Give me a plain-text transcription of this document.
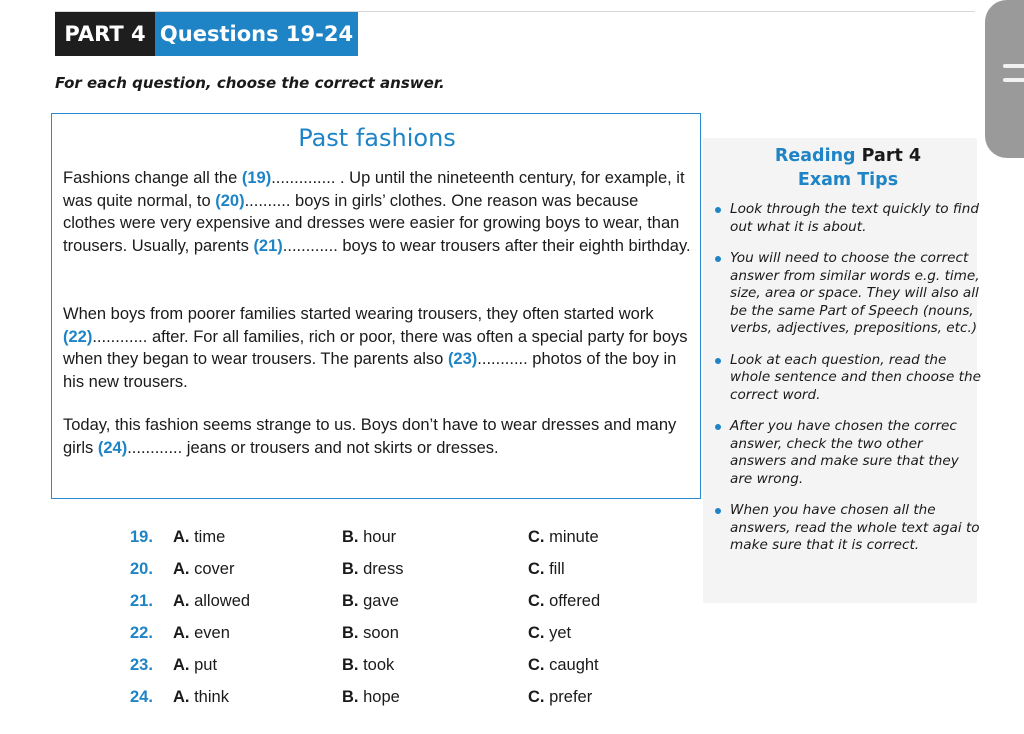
PART 4 Questions 19-24
For each question, choose the correct answer.
Past fashions

Fashions change all the (19).............. . Up until the nineteenth century, for example, it was quite normal, to (20).......... boys in girls’ clothes. One reason was because clothes were very expensive and dresses were easier for growing boys to wear, than trousers. Usually, parents (21)............ boys to wear trousers after their eighth birthday.

When boys from poorer families started wearing trousers, they often started work (22)............ after. For all families, rich or poor, there was often a special party for boys when they began to wear trousers. The parents also (23)........... photos of the boy in his new trousers.

Today, this fashion seems strange to us. Boys don’t have to wear dresses and many girls (24)............ jeans or trousers and not skirts or dresses.

19. A. time	B. hour	C. minute
20. A. cover	B. dress	C. fill
21. A. allowed	B. gave	C. offered
22. A. even	B. soon	C. yet
23. A. put	B. took	C. caught
24. A. think	B. hope	C. prefer
Reading Part 4
Exam Tips
Look through the text quickly to find out what it is about.
You will need to choose the correct answer from similar words e.g. time, size, area or space. They will also all be the same Part of Speech (nouns, verbs, adjectives, prepositions, etc.)
Look at each question, read the whole sentence and then choose the correct word.
After you have chosen the correc answer, check the two other answers and make sure that they are wrong.
When you have chosen all the answers, read the whole text agai to make sure that it is correct.
